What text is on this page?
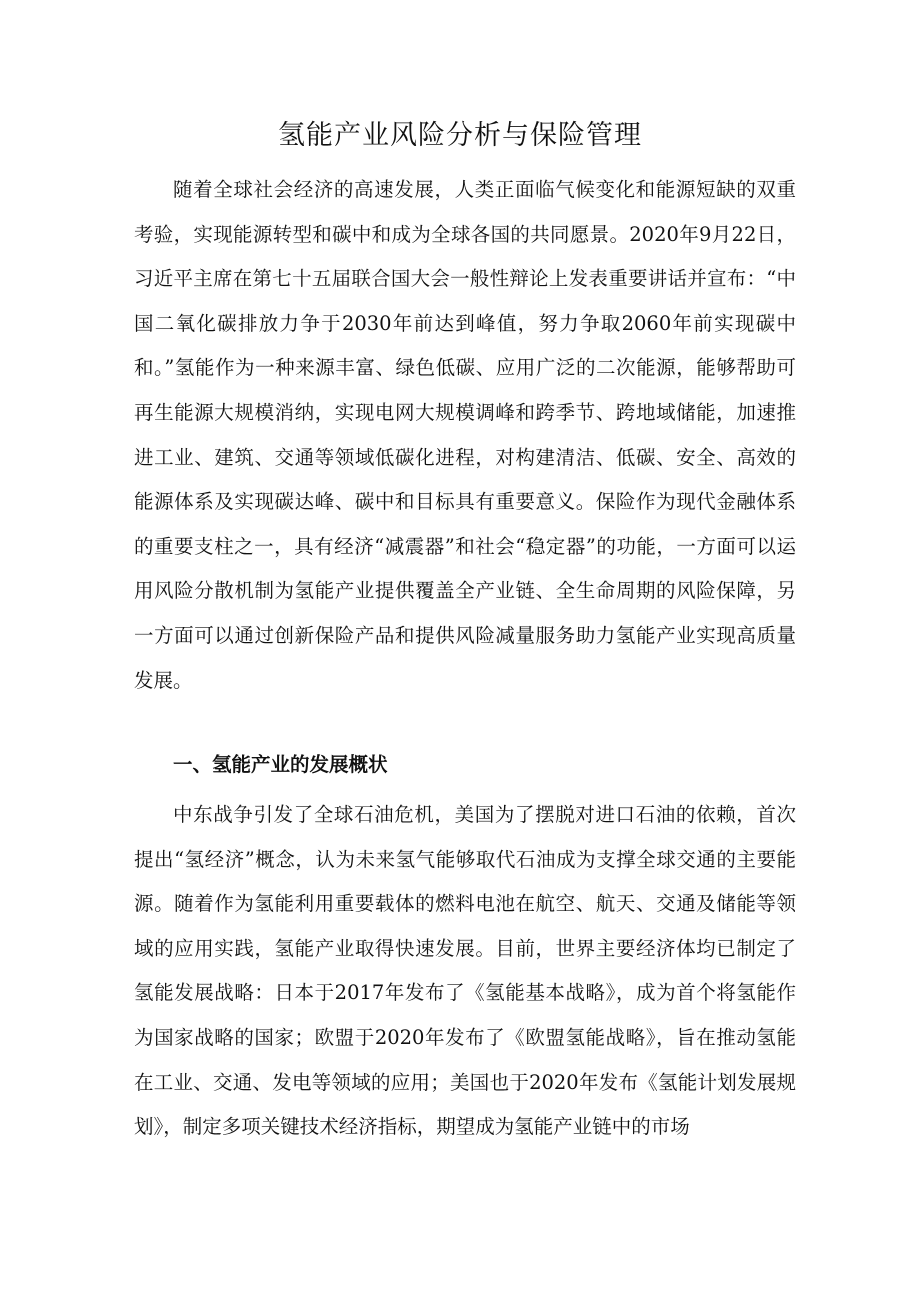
氢能产业风险分析与保险管理

随着全球社会经济的高速发展，人类正面临气候变化和能源短缺的双重考验，实现能源转型和碳中和成为全球各国的共同愿景。2020年9月22日，习近平主席在第七十五届联合国大会一般性辩论上发表重要讲话并宣布：“中国二氧化碳排放力争于2030年前达到峰值，努力争取2060年前实现碳中和。”氢能作为一种来源丰富、绿色低碳、应用广泛的二次能源，能够帮助可再生能源大规模消纳，实现电网大规模调峰和跨季节、跨地域储能，加速推进工业、建筑、交通等领域低碳化进程，对构建清洁、低碳、安全、高效的能源体系及实现碳达峰、碳中和目标具有重要意义。保险作为现代金融体系的重要支柱之一，具有经济“减震器”和社会“稳定器”的功能，一方面可以运用风险分散机制为氢能产业提供覆盖全产业链、全生命周期的风险保障，另一方面可以通过创新保险产品和提供风险减量服务助力氢能产业实现高质量发展。

一、氢能产业的发展概状

中东战争引发了全球石油危机，美国为了摆脱对进口石油的依赖，首次提出“氢经济”概念，认为未来氢气能够取代石油成为支撑全球交通的主要能源。随着作为氢能利用重要载体的燃料电池在航空、航天、交通及储能等领域的应用实践，氢能产业取得快速发展。目前，世界主要经济体均已制定了氢能发展战略：日本于2017年发布了《氢能基本战略》，成为首个将氢能作为国家战略的国家；欧盟于2020年发布了《欧盟氢能战略》，旨在推动氢能在工业、交通、发电等领域的应用；美国也于2020年发布《氢能计划发展规划》，制定多项关键技术经济指标，期望成为氢能产业链中的市场
